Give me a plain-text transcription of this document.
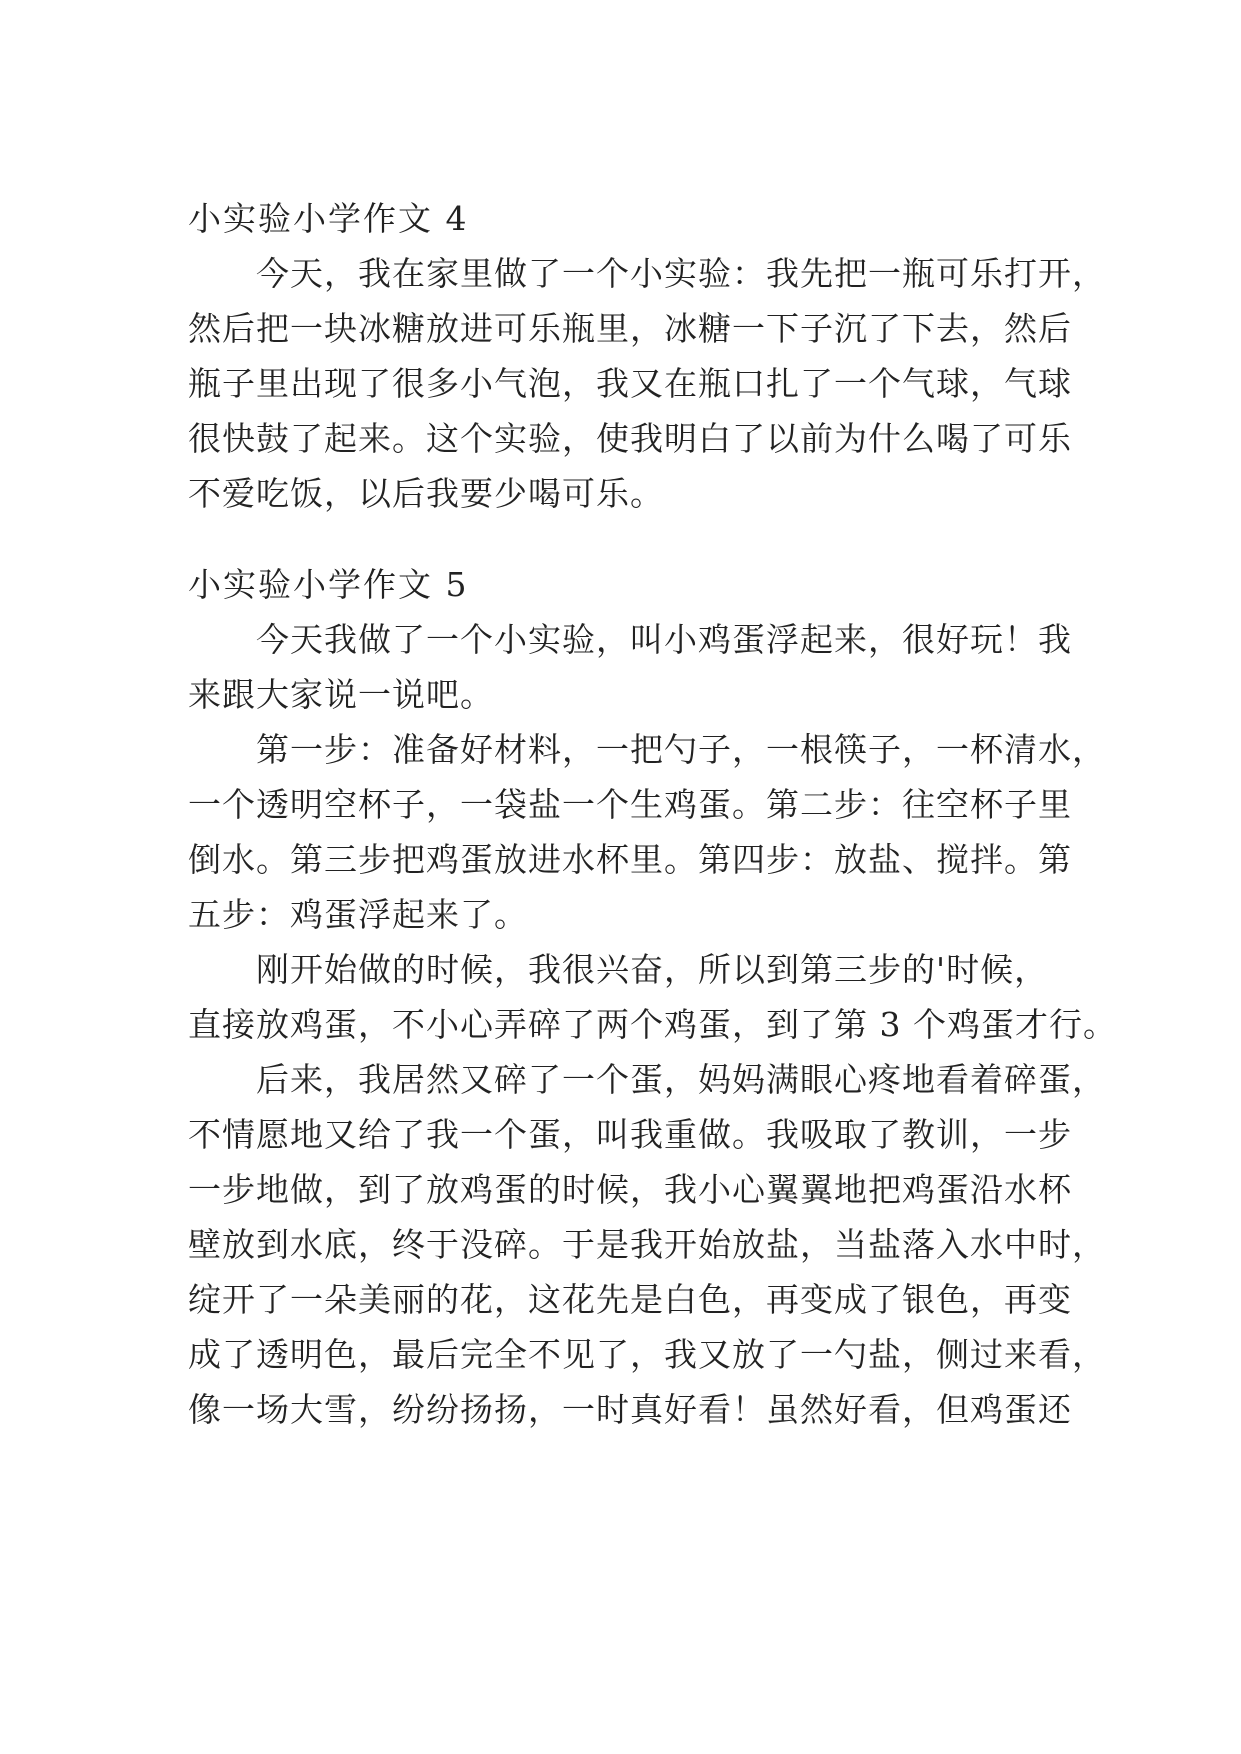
小实验小学作文 4
今天，我在家里做了一个小实验：我先把一瓶可乐打开，
然后把一块冰糖放进可乐瓶里，冰糖一下子沉了下去，然后
瓶子里出现了很多小气泡，我又在瓶口扎了一个气球，气球
很快鼓了起来。这个实验，使我明白了以前为什么喝了可乐
不爱吃饭，以后我要少喝可乐。
小实验小学作文 5
今天我做了一个小实验，叫小鸡蛋浮起来，很好玩！我
来跟大家说一说吧。
第一步：准备好材料，一把勺子，一根筷子，一杯清水，
一个透明空杯子，一袋盐一个生鸡蛋。第二步：往空杯子里
倒水。第三步把鸡蛋放进水杯里。第四步：放盐、搅拌。第
五步：鸡蛋浮起来了。
刚开始做的时候，我很兴奋，所以到第三步的'时候，
直接放鸡蛋，不小心弄碎了两个鸡蛋，到了第 3 个鸡蛋才行。
后来，我居然又碎了一个蛋，妈妈满眼心疼地看着碎蛋，
不情愿地又给了我一个蛋，叫我重做。我吸取了教训，一步
一步地做，到了放鸡蛋的时候，我小心翼翼地把鸡蛋沿水杯
壁放到水底，终于没碎。于是我开始放盐，当盐落入水中时，
绽开了一朵美丽的花，这花先是白色，再变成了银色，再变
成了透明色，最后完全不见了，我又放了一勺盐，侧过来看，
像一场大雪，纷纷扬扬，一时真好看！虽然好看，但鸡蛋还
